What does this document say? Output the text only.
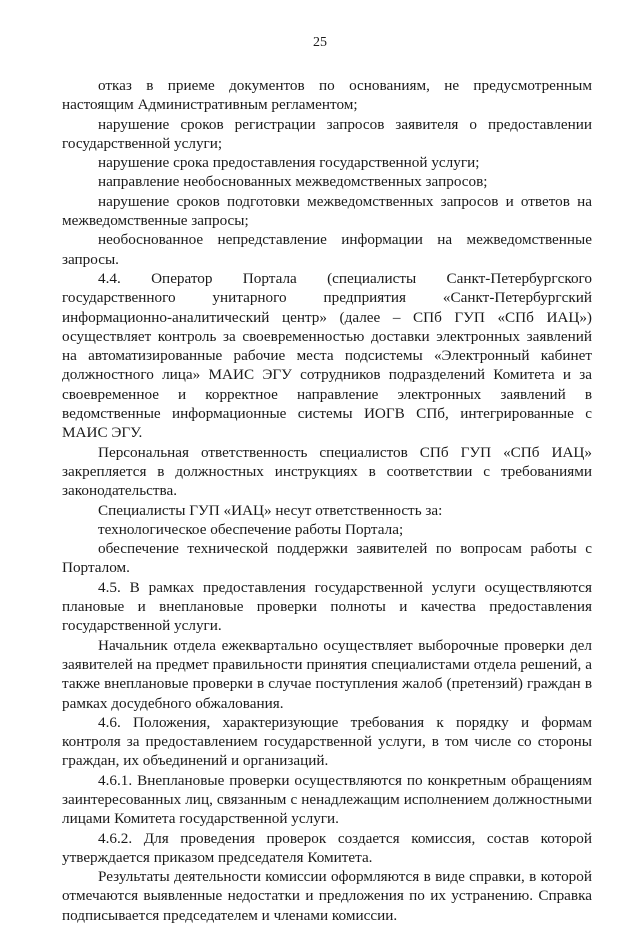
25

отказ в приеме документов по основаниям, не предусмотренным настоящим Административным регламентом;

нарушение сроков регистрации запросов заявителя о предоставлении государственной услуги;

нарушение срока предоставления государственной услуги;

направление необоснованных межведомственных запросов;

нарушение сроков подготовки межведомственных запросов и ответов на межведомственные запросы;

необоснованное непредставление информации на межведомственные запросы.

4.4. Оператор Портала (специалисты Санкт-Петербургского государственного унитарного предприятия «Санкт-Петербургский информационно-аналитический центр» (далее – СПб ГУП «СПб ИАЦ») осуществляет контроль за своевременностью доставки электронных заявлений на автоматизированные рабочие места подсистемы «Электронный кабинет должностного лица» МАИС ЭГУ сотрудников подразделений Комитета и за своевременное и корректное направление электронных заявлений в ведомственные информационные системы ИОГВ СПб, интегрированные с МАИС ЭГУ.

Персональная ответственность специалистов СПб ГУП «СПб ИАЦ» закрепляется в должностных инструкциях в соответствии с требованиями законодательства.

Специалисты ГУП «ИАЦ» несут ответственность за:

технологическое обеспечение работы Портала;

обеспечение технической поддержки заявителей по вопросам работы с Порталом.

4.5. В рамках предоставления государственной услуги осуществляются плановые и внеплановые проверки полноты и качества предоставления государственной услуги.

Начальник отдела ежеквартально осуществляет выборочные проверки дел заявителей на предмет правильности принятия специалистами отдела решений, а также внеплановые проверки в случае поступления жалоб (претензий) граждан в рамках досудебного обжалования.

4.6. Положения, характеризующие требования к порядку и формам контроля за предоставлением государственной услуги, в том числе со стороны граждан, их объединений и организаций.

4.6.1. Внеплановые проверки осуществляются по конкретным обращениям заинтересованных лиц, связанным с ненадлежащим исполнением должностными лицами Комитета государственной услуги.

4.6.2. Для проведения проверок создается комиссия, состав которой утверждается приказом председателя Комитета.

Результаты деятельности комиссии оформляются в виде справки, в которой отмечаются выявленные недостатки и предложения по их устранению. Справка подписывается председателем и членами комиссии.
